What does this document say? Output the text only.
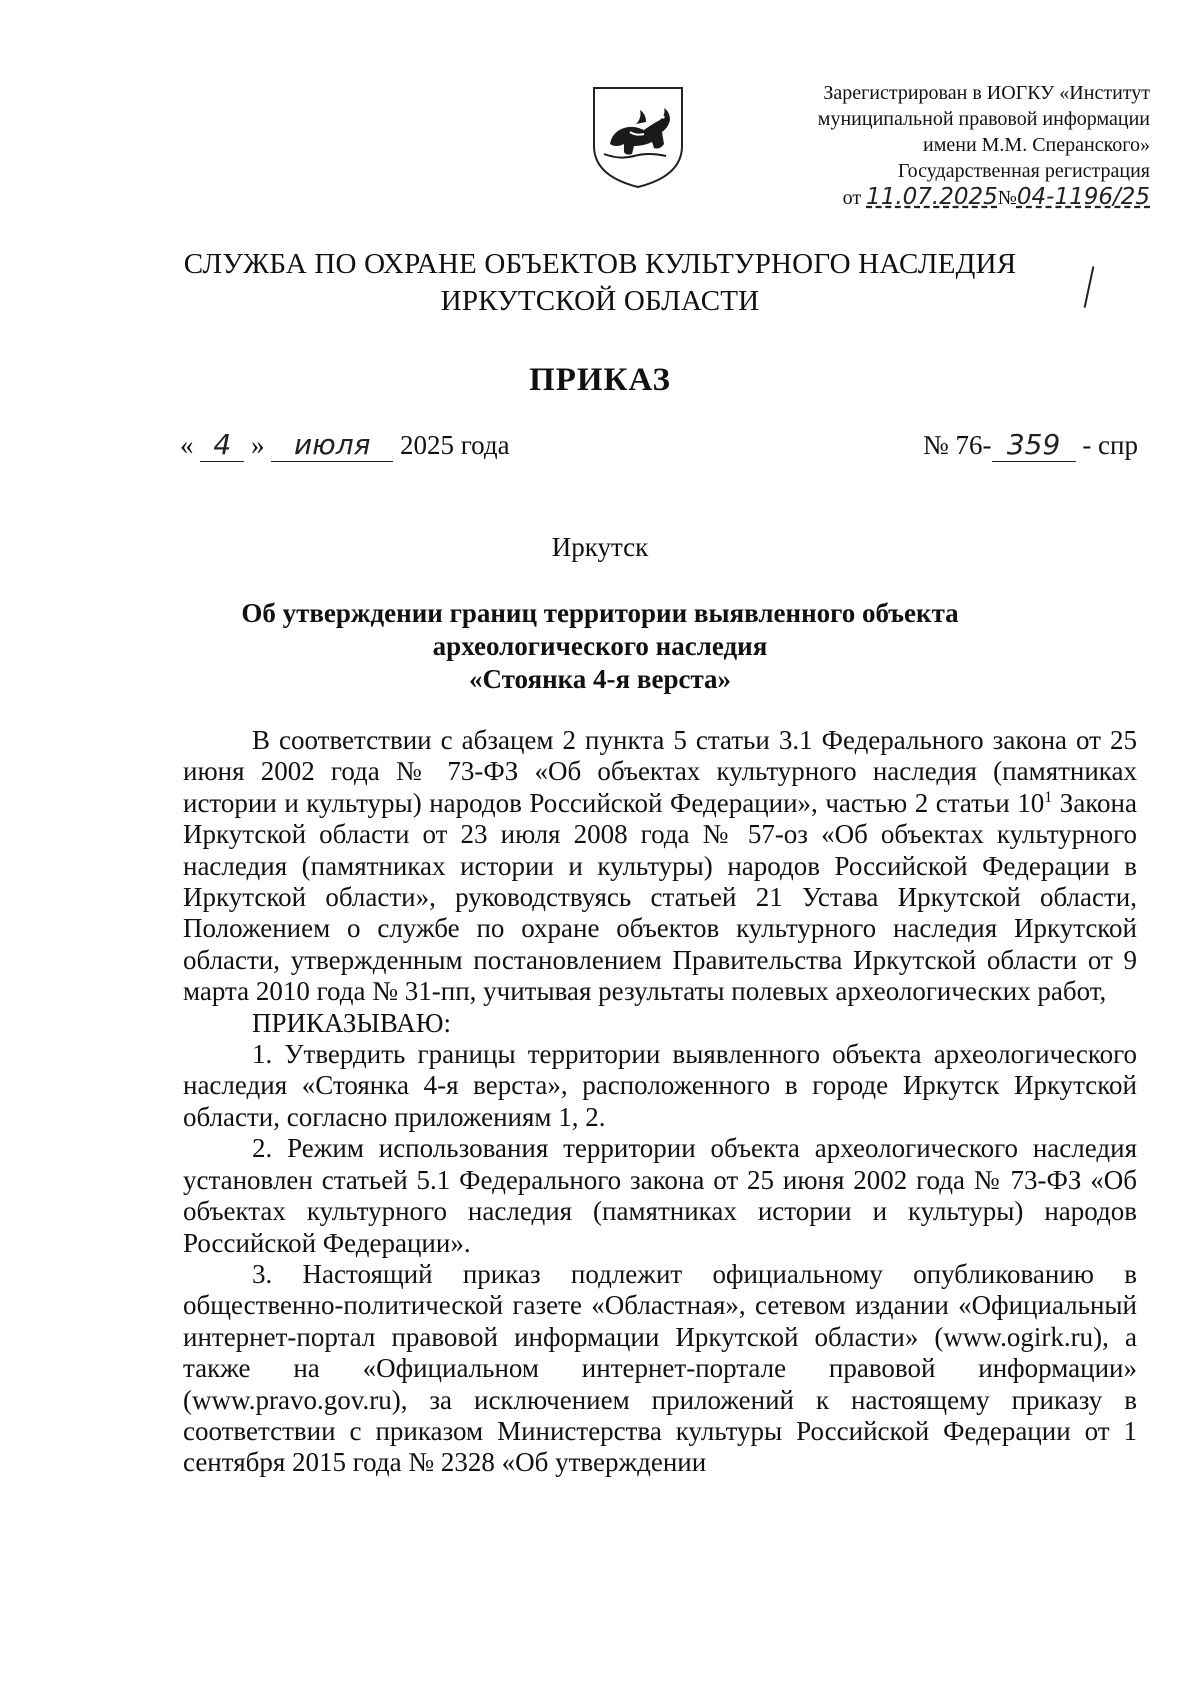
Зарегистрирован в ИОГКУ «Институт
муниципальной правовой информации
имени М.М. Сперанского»
Государственная регистрация
от 11.07.2025№04-1196/25
СЛУЖБА ПО ОХРАНЕ ОБЪЕКТОВ КУЛЬТУРНОГО НАСЛЕДИЯ
ИРКУТСКОЙ ОБЛАСТИ
ПРИКАЗ
« 4 » июля 2025 года	№ 76- 359 - спр
Иркутск
Об утверждении границ территории выявленного объекта
археологического наследия
«Стоянка 4-я верста»

В соответствии с абзацем 2 пункта 5 статьи 3.1 Федерального закона от 25 июня 2002 года № 73-ФЗ «Об объектах культурного наследия (памятниках истории и культуры) народов Российской Федерации», частью 2 статьи $10^1$ Закона Иркутской области от 23 июля 2008 года № 57-оз «Об объектах культурного наследия (памятниках истории и культуры) народов Российской Федерации в Иркутской области», руководствуясь статьей 21 Устава Иркутской области, Положением о службе по охране объектов культурного наследия Иркутской области, утвержденным постановлением Правительства Иркутской области от 9 марта 2010 года № 31-пп, учитывая результаты полевых археологических работ,

ПРИКАЗЫВАЮ:

1. Утвердить границы территории выявленного объекта археологического наследия «Стоянка 4-я верста», расположенного в городе Иркутск Иркутской области, согласно приложениям 1, 2.

2. Режим использования территории объекта археологического наследия установлен статьей 5.1 Федерального закона от 25 июня 2002 года № 73-ФЗ «Об объектах культурного наследия (памятниках истории и культуры) народов Российской Федерации».

3. Настоящий приказ подлежит официальному опубликованию в общественно-политической газете «Областная», сетевом издании «Официальный интернет-портал правовой информации Иркутской области» (www.ogirk.ru), а также на «Официальном интернет-портале правовой информации» (www.pravo.gov.ru), за исключением приложений к настоящему приказу в соответствии с приказом Министерства культуры Российской Федерации от 1 сентября 2015 года № 2328 «Об утверждении
